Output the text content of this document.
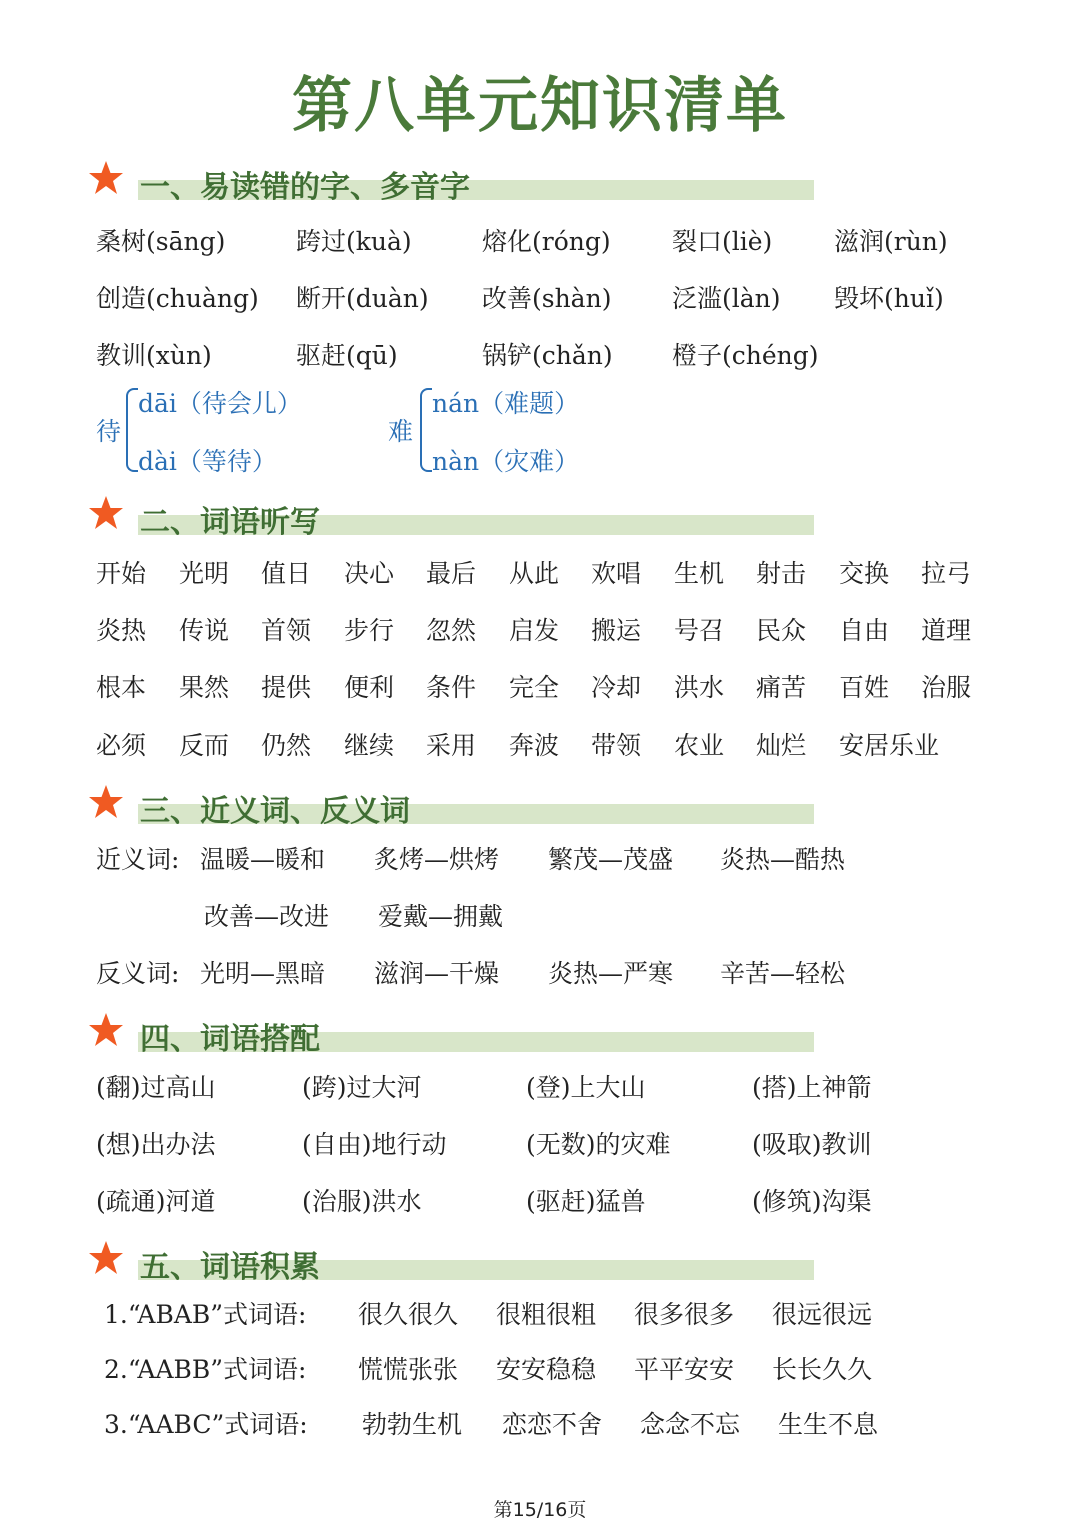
第八单元知识清单
一、易读错的字、多音字
桑树(sāng)	跨过(kuà)	熔化(róng) 裂口(liè) 滋润(rùn)
创造(chuàng) 断开(duàn) 改善(shàn) 泛滥(làn) 毁坏(huǐ)
教训(xùn)	驱赶(qū)	锅铲(chǎn) 橙子(chéng)
待
dāi（待会儿）
dài（等待）
难
nán（难题）
nàn（灾难）
二、词语听写
开始 光明 值日 决心 最后 从此 欢唱 生机 射击 交换 拉弓
炎热 传说 首领 步行 忽然 启发 搬运 号召 民众 自由 道理
根本 果然 提供 便利 条件 完全 冷却 洪水 痛苦 百姓 治服
必须 反而 仍然 继续 采用 奔波 带领 农业 灿烂 安居乐业
三、近义词、反义词
近义词: 温暖—暖和 炙烤—烘烤 繁茂—茂盛 炎热—酷热
改善—改进 爱戴—拥戴
反义词: 光明—黑暗 滋润—干燥 炎热—严寒 辛苦—轻松
四、词语搭配
(翻)过高山	(跨)过大河	(登)上大山	(搭)上神箭
(想)出办法	(自由)地行动	(无数)的灾难	(吸取)教训
(疏通)河道	(治服)洪水	(驱赶)猛兽	(修筑)沟渠
五、词语积累
1.“ABAB”式词语: 很久很久 很粗很粗 很多很多 很远很远
2.“AABB”式词语: 慌慌张张 安安稳稳 平平安安 长长久久
3.“AABC”式词语: 勃勃生机 恋恋不舍 念念不忘 生生不息
第15/16页
